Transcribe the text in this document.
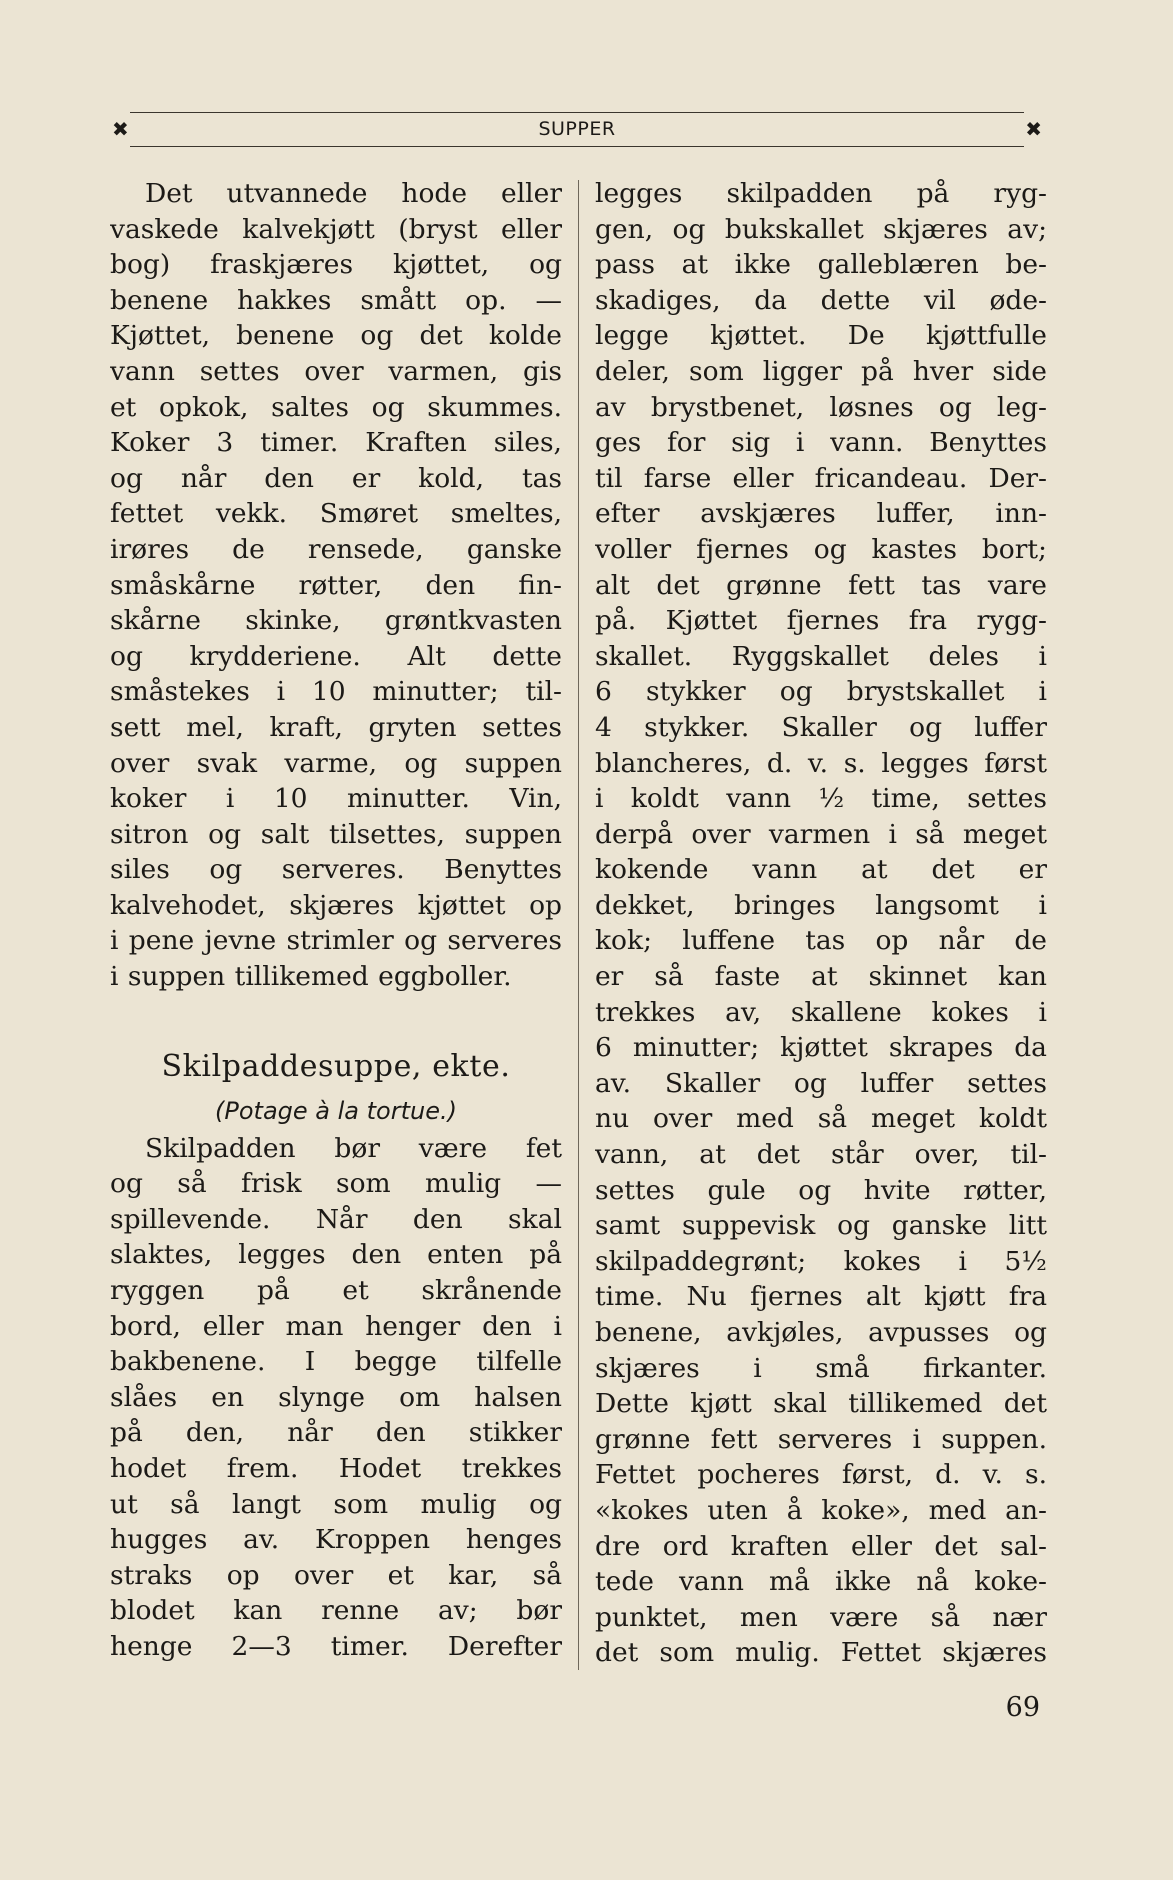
✖	SUPPER	✖
Det utvannede hode eller
vaskede kalvekjøtt (bryst eller
bog) fraskjæres kjøttet, og
benene hakkes smått op. —
Kjøttet, benene og det kolde
vann settes over varmen, gis
et opkok, saltes og skummes.
Koker 3 timer. Kraften siles,
og når den er kold, tas
fettet vekk. Smøret smeltes,
irøres de rensede, ganske
småskårne røtter, den fin-
skårne skinke, grøntkvasten
og krydderiene. Alt dette
småstekes i 10 minutter; til-
sett mel, kraft, gryten settes
over svak varme, og suppen
koker i 10 minutter. Vin,
sitron og salt tilsettes, suppen
siles og serveres. Benyttes
kalvehodet, skjæres kjøttet op
i pene jevne strimler og serveres
i suppen tillikemed eggboller.
Skilpaddesuppe, ekte.
(Potage à la tortue.)
Skilpadden bør være fet
og så frisk som mulig —
spillevende. Når den skal
slaktes, legges den enten på
ryggen på et skrånende
bord, eller man henger den i
bakbenene. I begge tilfelle
slåes en slynge om halsen
på den, når den stikker
hodet frem. Hodet trekkes
ut så langt som mulig og
hugges av. Kroppen henges
straks op over et kar, så
blodet kan renne av; bør
henge 2—3 timer. Derefter
legges skilpadden på ryg-
gen, og bukskallet skjæres av;
pass at ikke galleblæren be-
skadiges, da dette vil øde-
legge kjøttet. De kjøttfulle
deler, som ligger på hver side
av brystbenet, løsnes og leg-
ges for sig i vann. Benyttes
til farse eller fricandeau. Der-
efter avskjæres luffer, inn-
voller fjernes og kastes bort;
alt det grønne fett tas vare
på. Kjøttet fjernes fra rygg-
skallet. Ryggskallet deles i
6 stykker og brystskallet i
4 stykker. Skaller og luffer
blancheres, d. v. s. legges først
i koldt vann ½ time, settes
derpå over varmen i så meget
kokende vann at det er
dekket, bringes langsomt i
kok; luffene tas op når de
er så faste at skinnet kan
trekkes av, skallene kokes i
6 minutter; kjøttet skrapes da
av. Skaller og luffer settes
nu over med så meget koldt
vann, at det står over, til-
settes gule og hvite røtter,
samt suppevisk og ganske litt
skilpaddegrønt; kokes i 5½
time. Nu fjernes alt kjøtt fra
benene, avkjøles, avpusses og
skjæres i små firkanter.
Dette kjøtt skal tillikemed det
grønne fett serveres i suppen.
Fettet pocheres først, d. v. s.
«kokes uten å koke», med an-
dre ord kraften eller det sal-
tede vann må ikke nå koke-
punktet, men være så nær
det som mulig. Fettet skjæres
69
